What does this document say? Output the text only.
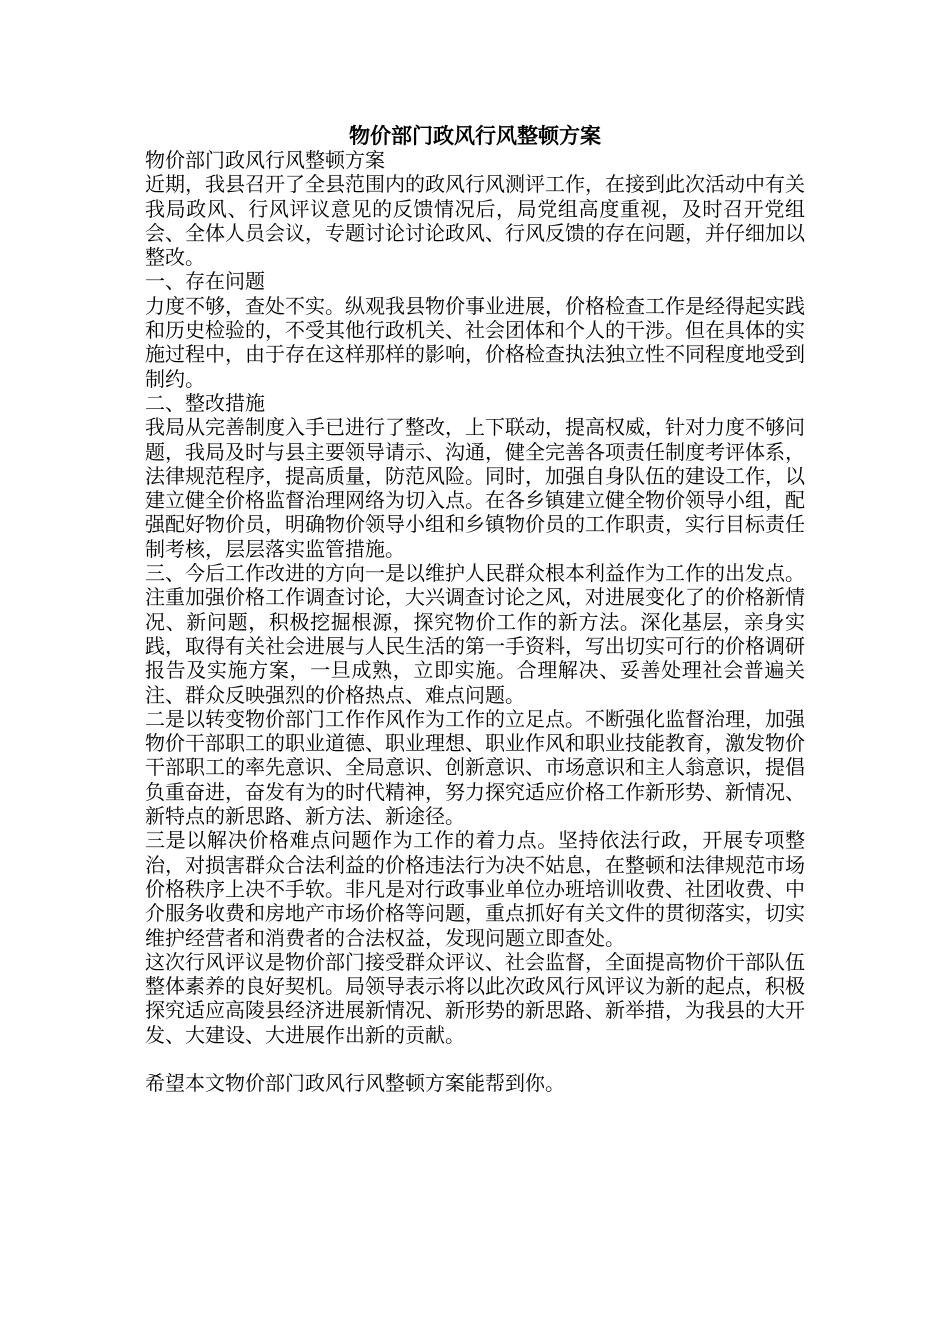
物价部门政风行风整顿方案

物价部门政风行风整顿方案

近期，我县召开了全县范围内的政风行风测评工作，在接到此次活动中有关我局政风、行风评议意见的反馈情况后，局党组高度重视，及时召开党组会、全体人员会议，专题讨论讨论政风、行风反馈的存在问题，并仔细加以整改。

一、存在问题

力度不够，查处不实。纵观我县物价事业进展，价格检查工作是经得起实践和历史检验的，不受其他行政机关、社会团体和个人的干涉。但在具体的实施过程中，由于存在这样那样的影响，价格检查执法独立性不同程度地受到制约。

二、整改措施

我局从完善制度入手已进行了整改，上下联动，提高权威，针对力度不够问题，我局及时与县主要领导请示、沟通，健全完善各项责任制度考评体系，法律规范程序，提高质量，防范风险。同时，加强自身队伍的建设工作，以建立健全价格监督治理网络为切入点。在各乡镇建立健全物价领导小组，配强配好物价员，明确物价领导小组和乡镇物价员的工作职责，实行目标责任制考核，层层落实监管措施。

三、今后工作改进的方向一是以维护人民群众根本利益作为工作的出发点。注重加强价格工作调查讨论，大兴调查讨论之风，对进展变化了的价格新情况、新问题，积极挖掘根源，探究物价工作的新方法。深化基层，亲身实践，取得有关社会进展与人民生活的第一手资料，写出切实可行的价格调研报告及实施方案，一旦成熟，立即实施。合理解决、妥善处理社会普遍关注、群众反映强烈的价格热点、难点问题。

二是以转变物价部门工作作风作为工作的立足点。不断强化监督治理，加强物价干部职工的职业道德、职业理想、职业作风和职业技能教育，激发物价干部职工的率先意识、全局意识、创新意识、市场意识和主人翁意识，提倡负重奋进，奋发有为的时代精神，努力探究适应价格工作新形势、新情况、新特点的新思路、新方法、新途径。

三是以解决价格难点问题作为工作的着力点。坚持依法行政，开展专项整治，对损害群众合法利益的价格违法行为决不姑息，在整顿和法律规范市场价格秩序上决不手软。非凡是对行政事业单位办班培训收费、社团收费、中介服务收费和房地产市场价格等问题，重点抓好有关文件的贯彻落实，切实维护经营者和消费者的合法权益，发现问题立即查处。

这次行风评议是物价部门接受群众评议、社会监督，全面提高物价干部队伍整体素养的良好契机。局领导表示将以此次政风行风评议为新的起点，积极探究适应高陵县经济进展新情况、新形势的新思路、新举措，为我县的大开发、大建设、大进展作出新的贡献。

希望本文物价部门政风行风整顿方案能帮到你。
